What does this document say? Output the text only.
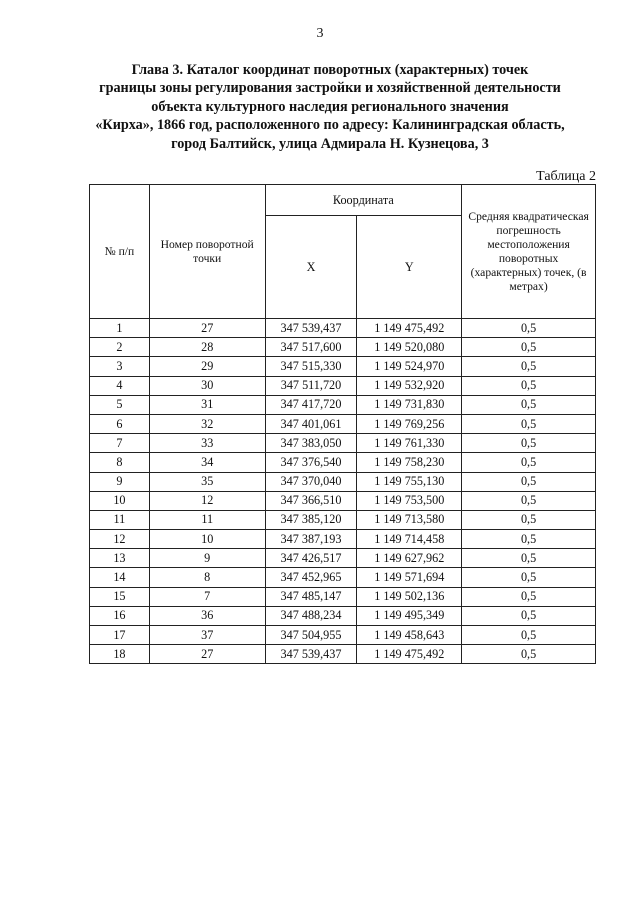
3
Глава 3. Каталог координат поворотных (характерных) точек
границы зоны регулирования застройки и хозяйственной деятельности
объекта культурного наследия регионального значения
«Кирха», 1866 год, расположенного по адресу: Калининградская область,
город Балтийск, улица Адмирала Н. Кузнецова, 3
Таблица 2
№ п/п	Номер поворотной точки	Координата		Средняя квадратическая погрешность местоположения поворотных (характерных) точек, (в метрах)
		X	Y	
1	27	347 539,437	1 149 475,492	0,5
2	28	347 517,600	1 149 520,080	0,5
3	29	347 515,330	1 149 524,970	0,5
4	30	347 511,720	1 149 532,920	0,5
5	31	347 417,720	1 149 731,830	0,5
6	32	347 401,061	1 149 769,256	0,5
7	33	347 383,050	1 149 761,330	0,5
8	34	347 376,540	1 149 758,230	0,5
9	35	347 370,040	1 149 755,130	0,5
10	12	347 366,510	1 149 753,500	0,5
11	11	347 385,120	1 149 713,580	0,5
12	10	347 387,193	1 149 714,458	0,5
13	9	347 426,517	1 149 627,962	0,5
14	8	347 452,965	1 149 571,694	0,5
15	7	347 485,147	1 149 502,136	0,5
16	36	347 488,234	1 149 495,349	0,5
17	37	347 504,955	1 149 458,643	0,5
18	27	347 539,437	1 149 475,492	0,5
